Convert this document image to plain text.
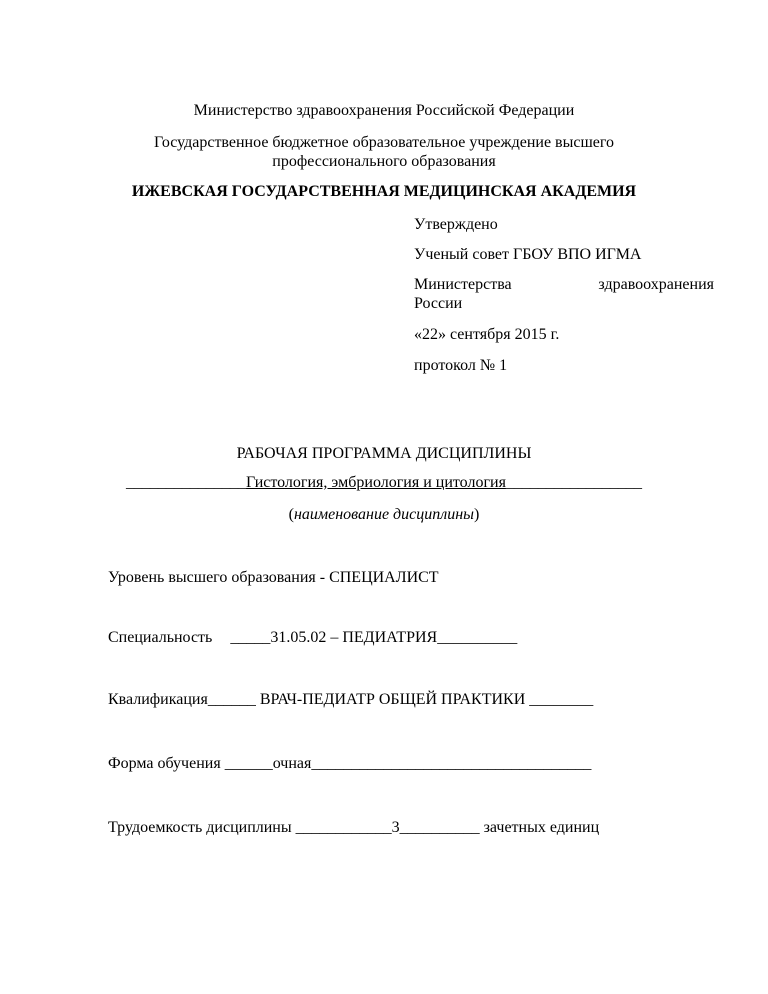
Министерство здравоохранения Российской Федерации
Государственное бюджетное образовательное учреждение высшего
профессионального образования
ИЖЕВСКАЯ ГОСУДАРСТВЕННАЯ МЕДИЦИНСКАЯ АКАДЕМИЯ
Утверждено
Ученый совет ГБОУ ВПО ИГМА
Министерства	здравоохранения
России
«22» сентября 2015 г.
протокол № 1
РАБОЧАЯ ПРОГРАММА ДИСЦИПЛИНЫ
_______________Гистология, эмбриология и цитология_________________
(наименование дисциплины)
Уровень высшего образования - СПЕЦИАЛИСТ
Специальность _____31.05.02 – ПЕДИАТРИЯ__________
Квалификация______ ВРАЧ-ПЕДИАТР ОБЩЕЙ ПРАКТИКИ ________
Форма обучения ______очная___________________________________
Трудоемкость дисциплины ____________3__________ зачетных единиц
